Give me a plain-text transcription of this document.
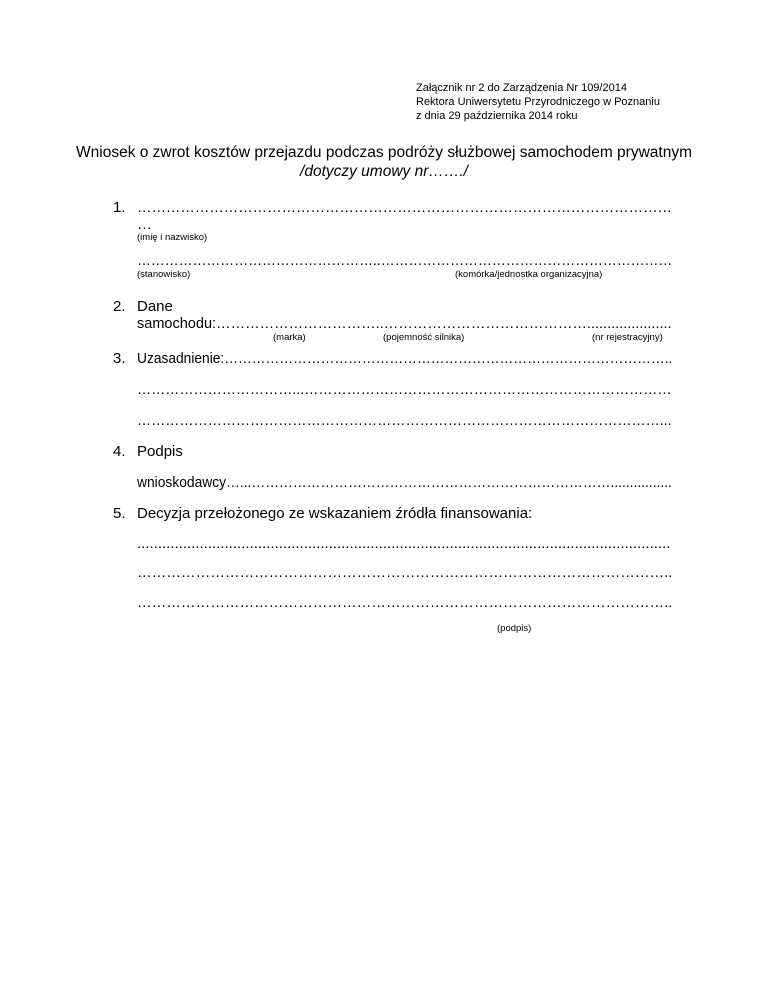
Załącznik nr 2 do Zarządzenia Nr 109/2014
Rektora Uniwersytetu Przyrodniczego w Poznaniu
z dnia 29 października 2014 roku
Wniosek o zwrot kosztów przejazdu podczas podróży służbowej samochodem prywatnym
/dotyczy umowy nr……./
1. …………………………………………………………………………………………………
…
(imię i nazwisko)
……………………………………………..………………………………………………………
(stanowisko)	(komórka/jednostka organizacyjna)
2. Dane
samochodu:……………………………..…………………………………….....................
(marka)	(pojemność silnika)	(nr rejestracyjny)
3. Uzasadnienie:……………………………………………………………………………………..
……………………………...……………………………………………………………………
…………………………………………………………………………………………………...
4. Podpis
wnioskodawcy…...……………………………………………………………………................
5. Decyzja przełożonego ze wskazaniem źródła finansowania:
................................................................................................................................
………………………………………………………………………………………………..
………………………………………………………………………………………………..
(podpis)
